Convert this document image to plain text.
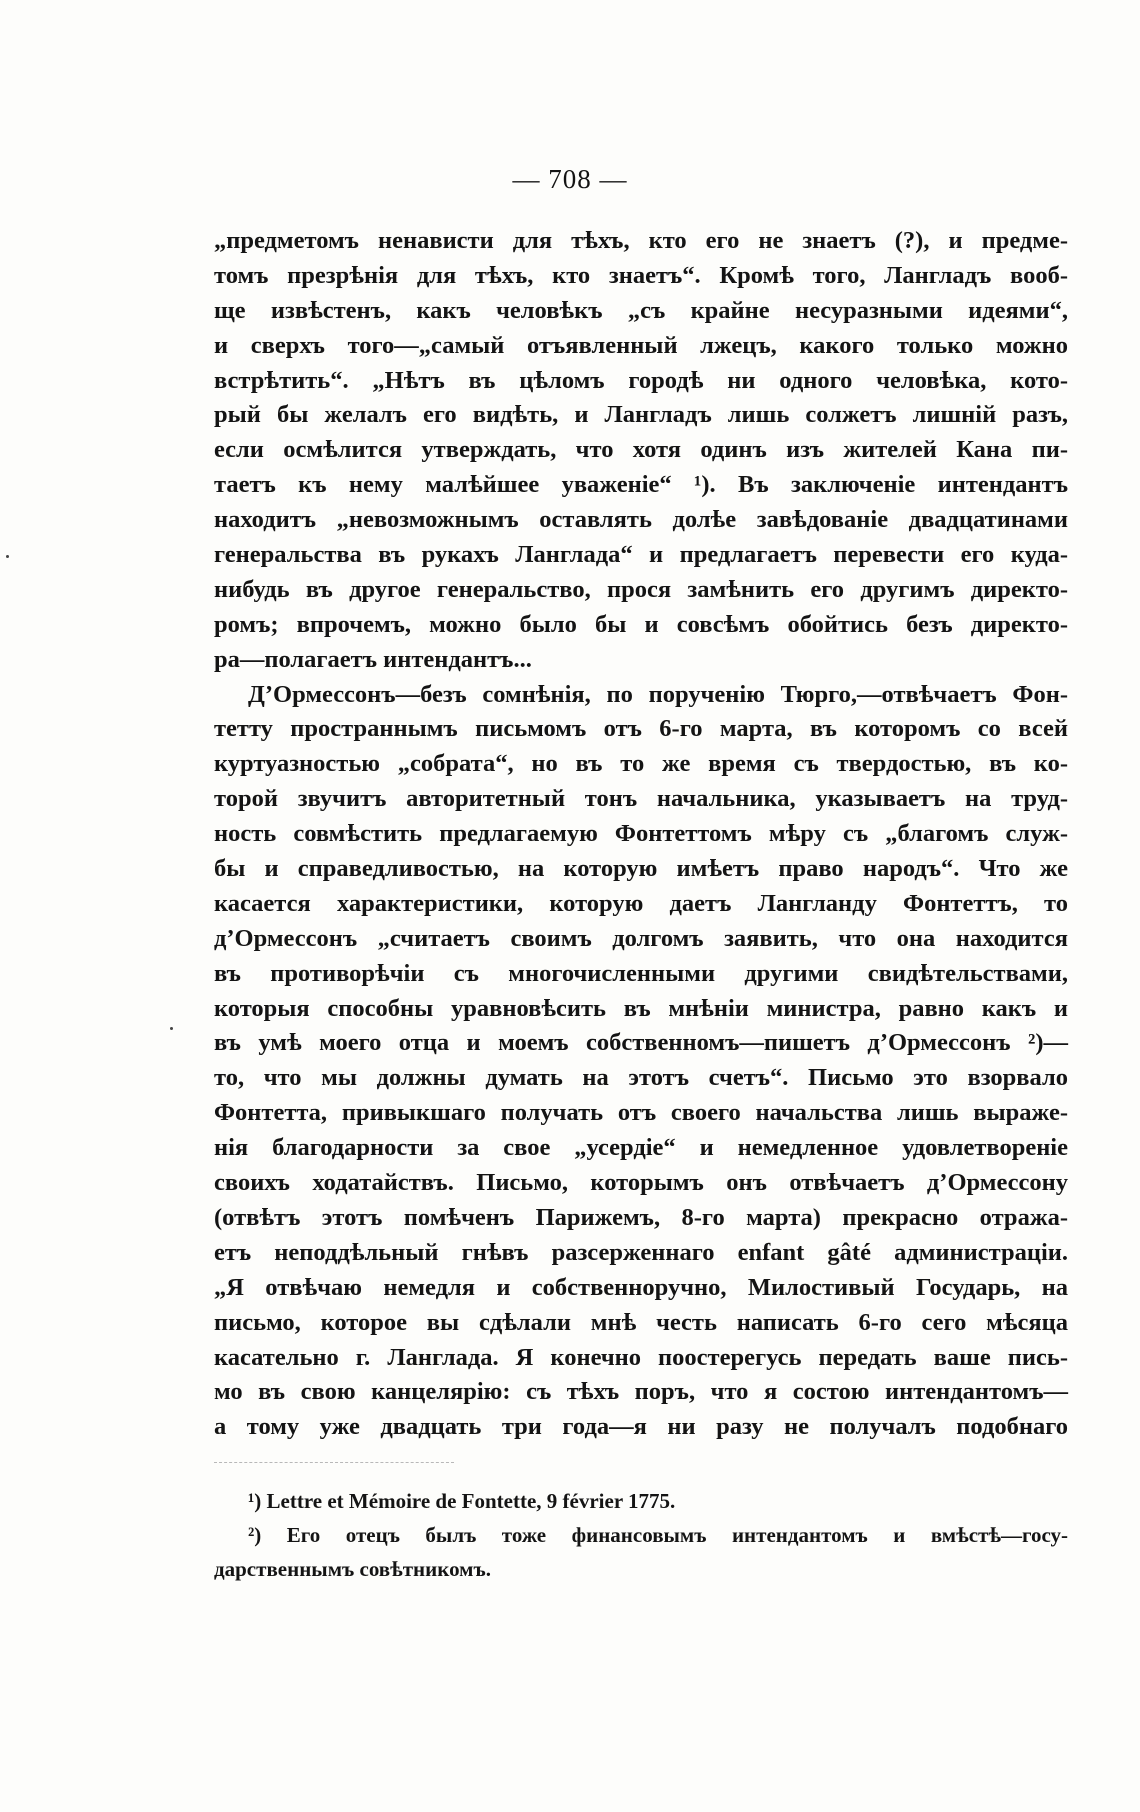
— 708 —
„предметомъ ненависти для тѣхъ, кто его не знаетъ (?), и предме-
томъ презрѣнія для тѣхъ, кто знаетъ“. Кромѣ того, Лангладъ вооб-
ще извѣстенъ, какъ человѣкъ „съ крайне несуразными идеями“,
и сверхъ того—„самый отъявленный лжецъ, какого только можно
встрѣтить“. „Нѣтъ въ цѣломъ городѣ ни одного человѣка, кото-
рый бы желалъ его видѣть, и Лангладъ лишь солжетъ лишній разъ,
если осмѣлится утверждать, что хотя одинъ изъ жителей Кана пи-
таетъ къ нему малѣйшее уваженіе“ ¹). Въ заключеніе интендантъ
находитъ „невозможнымъ оставлять долѣе завѣдованіе двадцатинами
генеральства въ рукахъ Ланглада“ и предлагаетъ перевести его куда-
нибудь въ другое генеральство, прося замѣнить его другимъ директо-
ромъ; впрочемъ, можно было бы и совсѣмъ обойтись безъ директо-
ра—полагаетъ интендантъ...
Д’Ормессонъ—безъ сомнѣнія, по порученію Тюрго,—отвѣчаетъ Фон-
тетту пространнымъ письмомъ отъ 6-го марта, въ которомъ со всей
куртуазностью „собрата“, но въ то же время съ твердостью, въ ко-
торой звучитъ авторитетный тонъ начальника, указываетъ на труд-
ность совмѣстить предлагаемую Фонтеттомъ мѣру съ „благомъ служ-
бы и справедливостью, на которую имѣетъ право народъ“. Что же
касается характеристики, которую даетъ Лангланду Фонтеттъ, то
д’Ормессонъ „считаетъ своимъ долгомъ заявить, что она находится
въ противорѣчіи съ многочисленными другими свидѣтельствами,
которыя способны уравновѣсить въ мнѣніи министра, равно какъ и
въ умѣ моего отца и моемъ собственномъ—пишетъ д’Ормессонъ ²)—
то, что мы должны думать на этотъ счетъ“. Письмо это взорвало
Фонтетта, привыкшаго получать отъ своего начальства лишь выраже-
нія благодарности за свое „усердіе“ и немедленное удовлетвореніе
своихъ ходатайствъ. Письмо, которымъ онъ отвѣчаетъ д’Ормессону
(отвѣтъ этотъ помѣченъ Парижемъ, 8-го марта) прекрасно отража-
етъ неподдѣльный гнѣвъ разсерженнаго enfant gâté администраціи.
„Я отвѣчаю немедля и собственноручно, Милостивый Государь, на
письмо, которое вы сдѣлали мнѣ честь написать 6-го сего мѣсяца
касательно г. Ланглада. Я конечно поостерегусь передать ваше пись-
мо въ свою канцелярію: съ тѣхъ поръ, что я состою интендантомъ—
а тому уже двадцать три года—я ни разу не получалъ подобнаго
¹) Lettre et Mémoire de Fontette, 9 février 1775.
²) Его отецъ былъ тоже финансовымъ интендантомъ и вмѣстѣ—госу-
дарственнымъ совѣтникомъ.
